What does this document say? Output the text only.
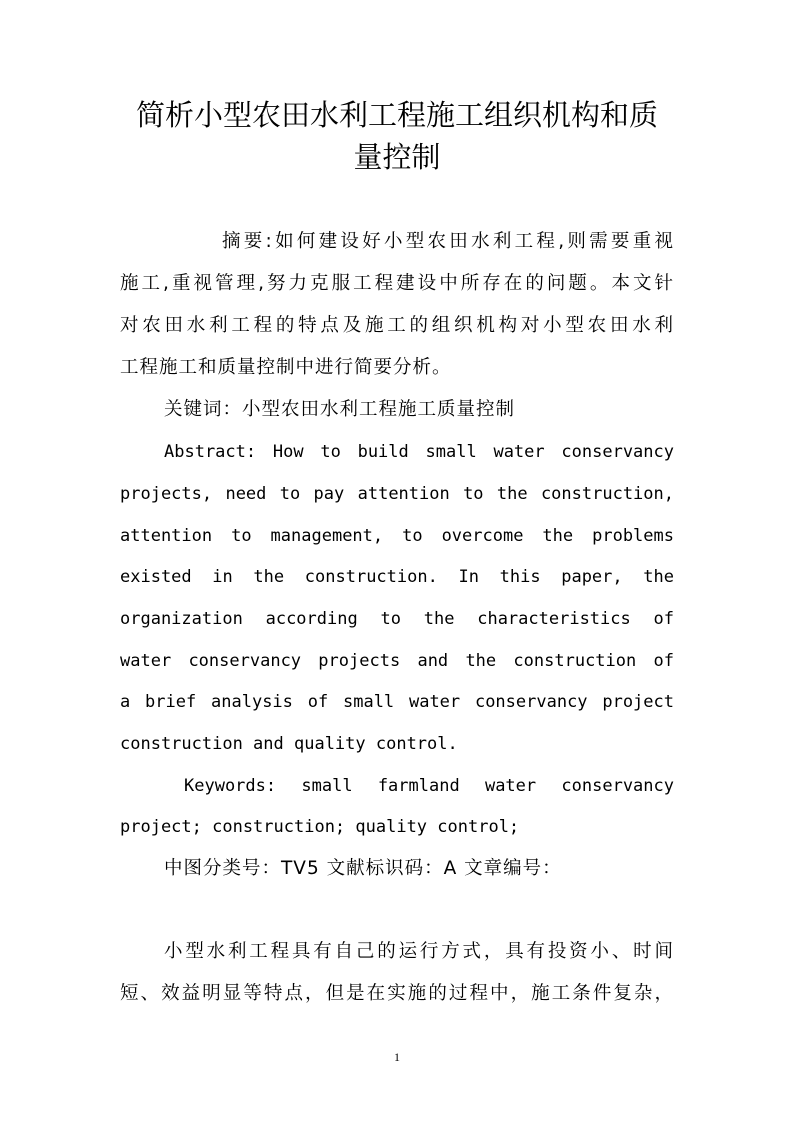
简析小型农田水利工程施工组织机构和质
量控制
摘要:如何建设好小型农田水利工程,则需要重视
施工,重视管理,努力克服工程建设中所存在的问题。本文针
对农田水利工程的特点及施工的组织机构对小型农田水利
工程施工和质量控制中进行简要分析。
关键词：小型农田水利工程施工质量控制
Abstract: How to build small water conservancy
projects, need to pay attention to the construction,
attention to management, to overcome the problems
existed in the construction. In this paper, the
organization according to the characteristics of
water conservancy projects and the construction of
a brief analysis of small water conservancy project
construction and quality control.
Keywords: small farmland water conservancy
project; construction; quality control;
中图分类号：TV5 文献标识码：A 文章编号：
小型水利工程具有自己的运行方式，具有投资小、时间
短、效益明显等特点，但是在实施的过程中，施工条件复杂，
1
